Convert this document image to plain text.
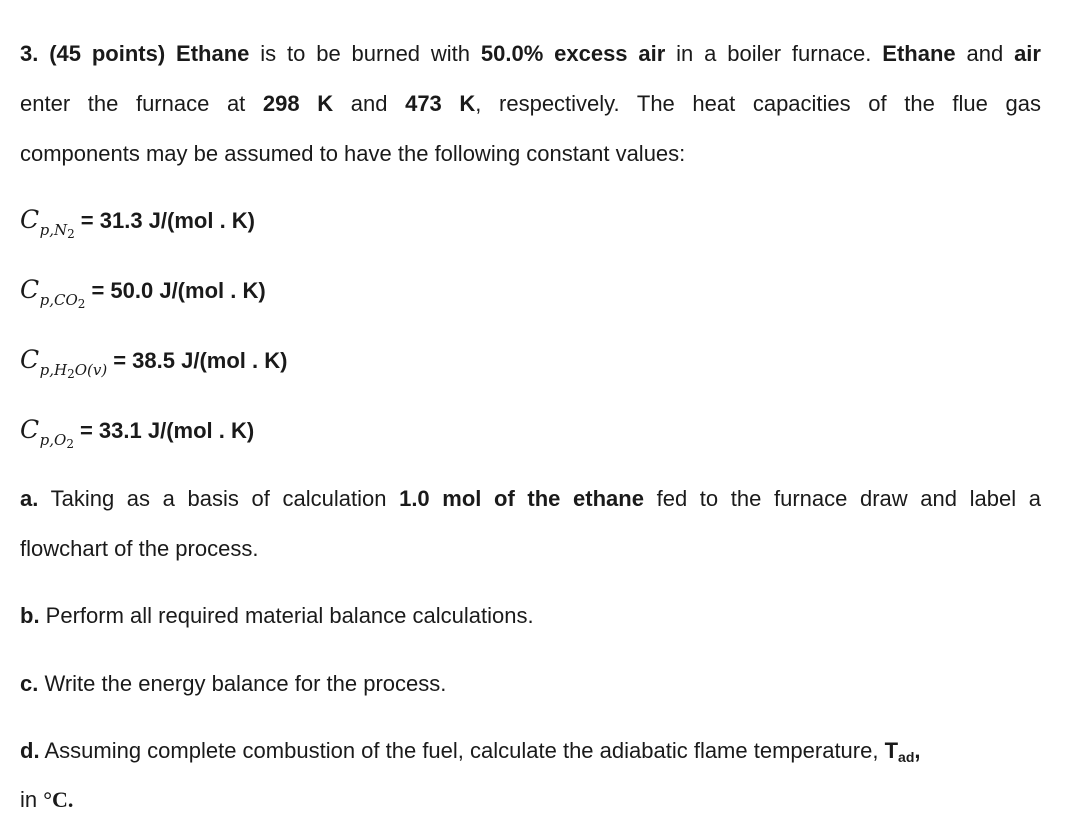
3. (45 points) Ethane is to be burned with 50.0% excess air in a boiler furnace. Ethane and air
enter the furnace at 298 K and 473 K, respectively. The heat capacities of the flue gas
components may be assumed to have the following constant values:
$C_{p,N_2}= 31.3$ J/(mol . K)
$C_{p,CO_2}= 50.0$ J/(mol . K)
$C_{p,H_2O(v)} = 38.5$ J/(mol . K)
$C_{p,O_2}= 33.1$ J/(mol . K)
a. Taking as a basis of calculation 1.0 mol of the ethane fed to the furnace draw and label a
flowchart of the process.
b. Perform all required material balance calculations.
c. Write the energy balance for the process.
d. Assuming complete combustion of the fuel, calculate the adiabatic flame temperature, Tad,
in °C.
